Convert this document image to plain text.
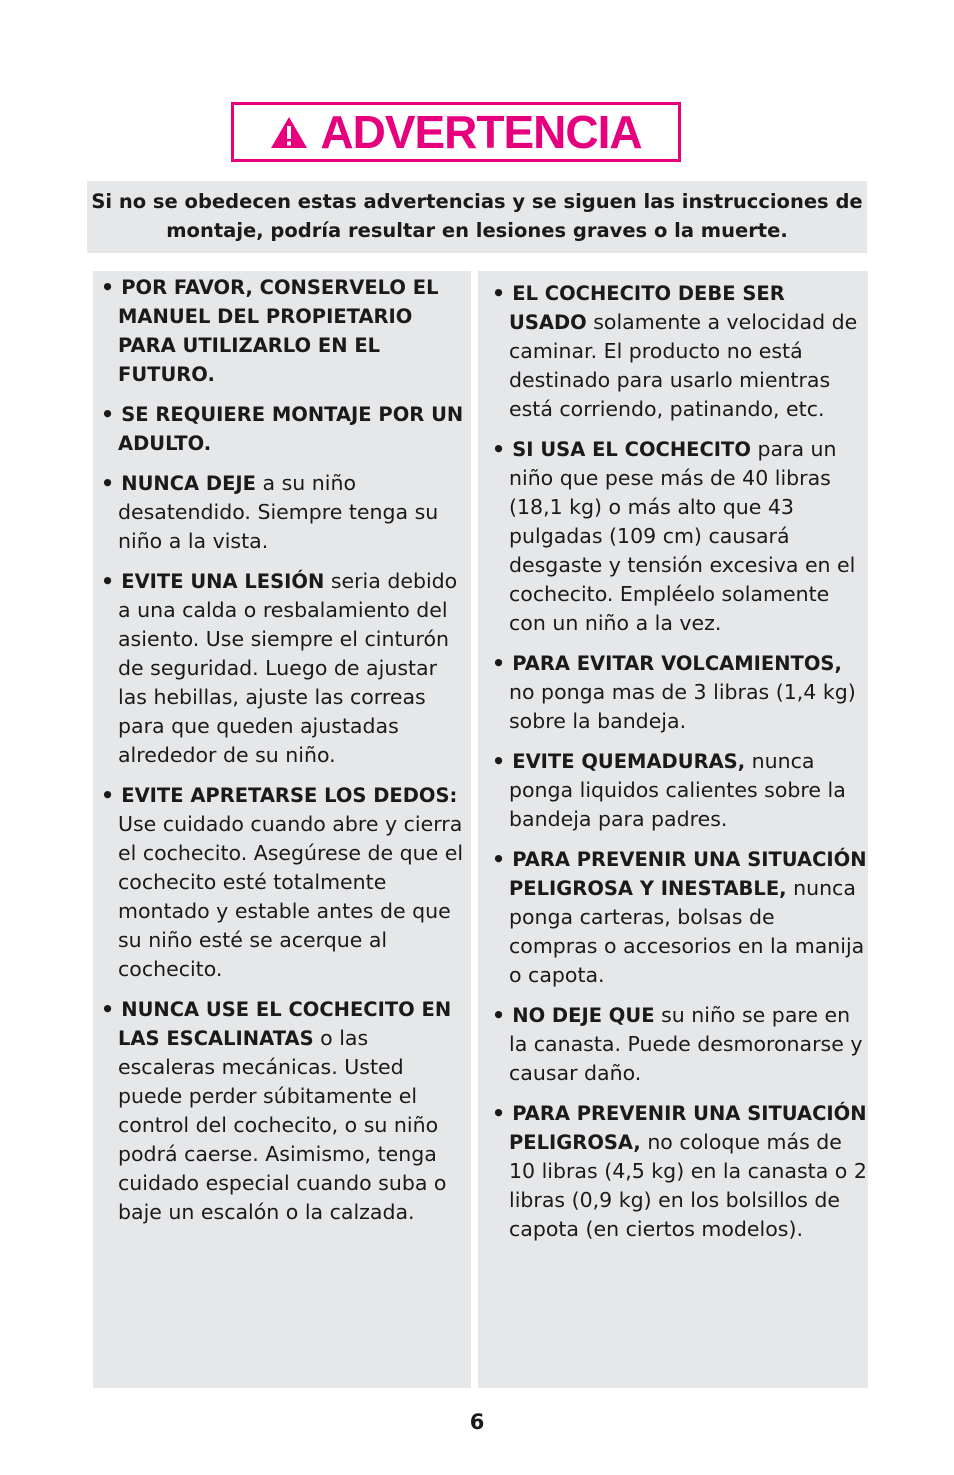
ADVERTENCIA
Si no se obedecen estas advertencias y se siguen las instrucciones de montaje, podría resultar en lesiones graves o la muerte.
• POR FAVOR, CONSERVELO EL MANUEL DEL PROPIETARIO PARA UTILIZARLO EN EL FUTURO.
• SE REQUIERE MONTAJE POR UN ADULTO.
• NUNCA DEJE a su niño desatendido. Siempre tenga su niño a la vista.
• EVITE UNA LESIÓN seria debido a una calda o resbalamiento del asiento. Use siempre el cinturón de seguridad. Luego de ajustar las hebillas, ajuste las correas para que queden ajustadas alrededor de su niño.
• EVITE APRETARSE LOS DEDOS: Use cuidado cuando abre y cierra el cochecito. Asegúrese de que el cochecito esté totalmente montado y estable antes de que su niño esté se acerque al cochecito.
• NUNCA USE EL COCHECITO EN LAS ESCALINATAS o las escaleras mecánicas. Usted puede perder súbitamente el control del cochecito, o su niño podrá caerse. Asimismo, tenga cuidado especial cuando suba o baje un escalón o la calzada.
• EL COCHECITO DEBE SER USADO solamente a velocidad de caminar. El producto no está destinado para usarlo mientras está corriendo, patinando, etc.
• SI USA EL COCHECITO para un niño que pese más de 40 libras (18,1 kg) o más alto que 43 pulgadas (109 cm) causará desgaste y tensión excesiva en el cochecito. Empléelo solamente con un niño a la vez.
• PARA EVITAR VOLCAMIENTOS, no ponga mas de 3 libras (1,4 kg) sobre la bandeja.
• EVITE QUEMADURAS, nunca ponga liquidos calientes sobre la bandeja para padres.
• PARA PREVENIR UNA SITUACIÓN PELIGROSA Y INESTABLE, nunca ponga carteras, bolsas de compras o accesorios en la manija o capota.
• NO DEJE QUE su niño se pare en la canasta. Puede desmoronarse y causar daño.
• PARA PREVENIR UNA SITUACIÓN PELIGROSA, no coloque más de 10 libras (4,5 kg) en la canasta o 2 libras (0,9 kg) en los bolsillos de capota (en ciertos modelos).
6
